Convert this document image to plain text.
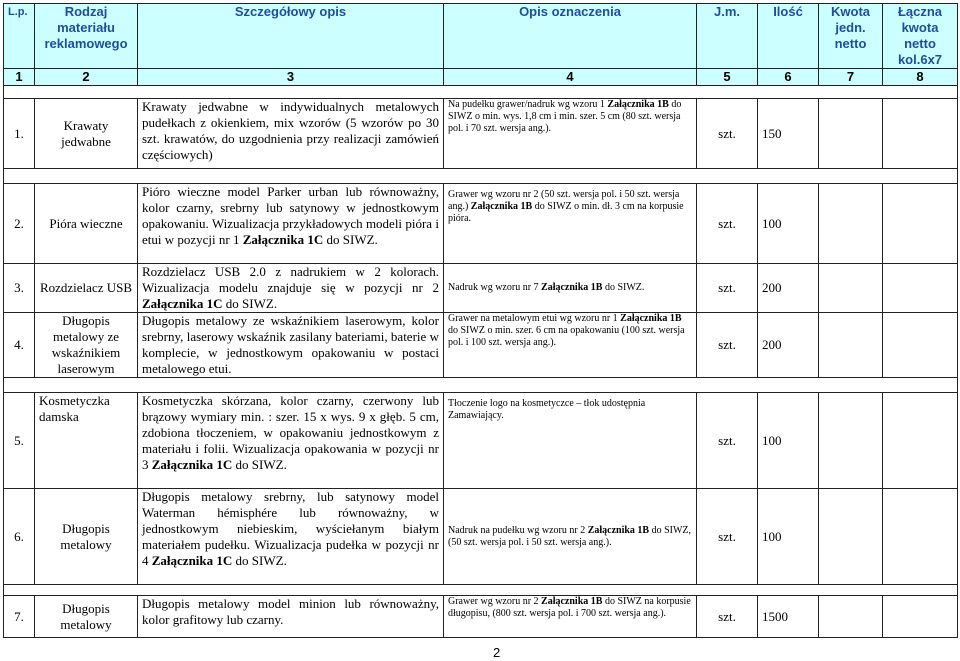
L.p.	Rodzaj materiału reklamowego	Szczegółowy opis	Opis oznaczenia	J.m.	Ilość	Kwota jedn. netto	Łączna kwota netto kol.6x7
1	2	3	4	5	6	7	8

1.	Krawaty jedwabne	Krawaty jedwabne w indywidualnych metalowych pudełkach z okienkiem, mix wzorów (5 wzorów po 30 szt. krawatów, do uzgodnienia przy realizacji zamówień częściowych)	Na pudełku grawer/nadruk wg wzoru 1 Załącznika 1B do SIWZ o min. wys. 1,8 cm i min. szer. 5 cm (80 szt. wersja pol. i 70 szt. wersja ang.).	szt.	150		

2.	Pióra wieczne	Pióro wieczne model Parker urban lub równoważny, kolor czarny, srebrny lub satynowy w jednostkowym opakowaniu. Wizualizacja przykładowych modeli pióra i etui w pozycji nr 1 Załącznika 1C do SIWZ.	Grawer wg wzoru nr 2 (50 szt. wersja pol. i 50 szt. wersja ang.) Załącznika 1B do SIWZ o min. dł. 3 cm na korpusie pióra.	szt.	100		
3.	Rozdzielacz USB	Rozdzielacz USB 2.0 z nadrukiem w 2 kolorach. Wizualizacja modelu znajduje się w pozycji nr 2 Załącznika 1C do SIWZ.	Nadruk wg wzoru nr 7 Załącznika 1B do SIWZ.	szt.	200		
4.	Długopis metalowy ze wskaźnikiem laserowym	Długopis metalowy ze wskaźnikiem laserowym, kolor srebrny, laserowy wskaźnik zasilany bateriami, baterie w komplecie, w jednostkowym opakowaniu w postaci metalowego etui.	Grawer na metalowym etui wg wzoru nr 1 Załącznika 1B do SIWZ o min. szer. 6 cm na opakowaniu (100 szt. wersja pol. i 100 szt. wersja ang.).	szt.	200		

5.	Kosmetyczka damska	Kosmetyczka skórzana, kolor czarny, czerwony lub brązowy wymiary min. : szer. 15 x wys. 9 x głęb. 5 cm, zdobiona tłoczeniem, w opakowaniu jednostkowym z materiału i folii. Wizualizacja opakowania w pozycji nr 3 Załącznika 1C do SIWZ.	Tłoczenie logo na kosmetyczce – tłok udostępnia Zamawiający.	szt.	100		
6.	Długopis metalowy	Długopis metalowy srebrny, lub satynowy model Waterman hémisphére lub równoważny, w jednostkowym niebieskim, wyściełanym białym materiałem pudełku. Wizualizacja pudełka w pozycji nr 4 Załącznika 1C do SIWZ.	Nadruk na pudełku wg wzoru nr 2 Załącznika 1B do SIWZ, (50 szt. wersja pol. i 50 szt. wersja ang.).	szt.	100		

7.	Długopis metalowy	Długopis metalowy model minion lub równoważny, kolor grafitowy lub czarny.	Grawer wg wzoru nr 2 Załącznika 1B do SIWZ na korpusie długopisu, (800 szt. wersja pol. i 700 szt. wersja ang.).	szt.	1500		
2
